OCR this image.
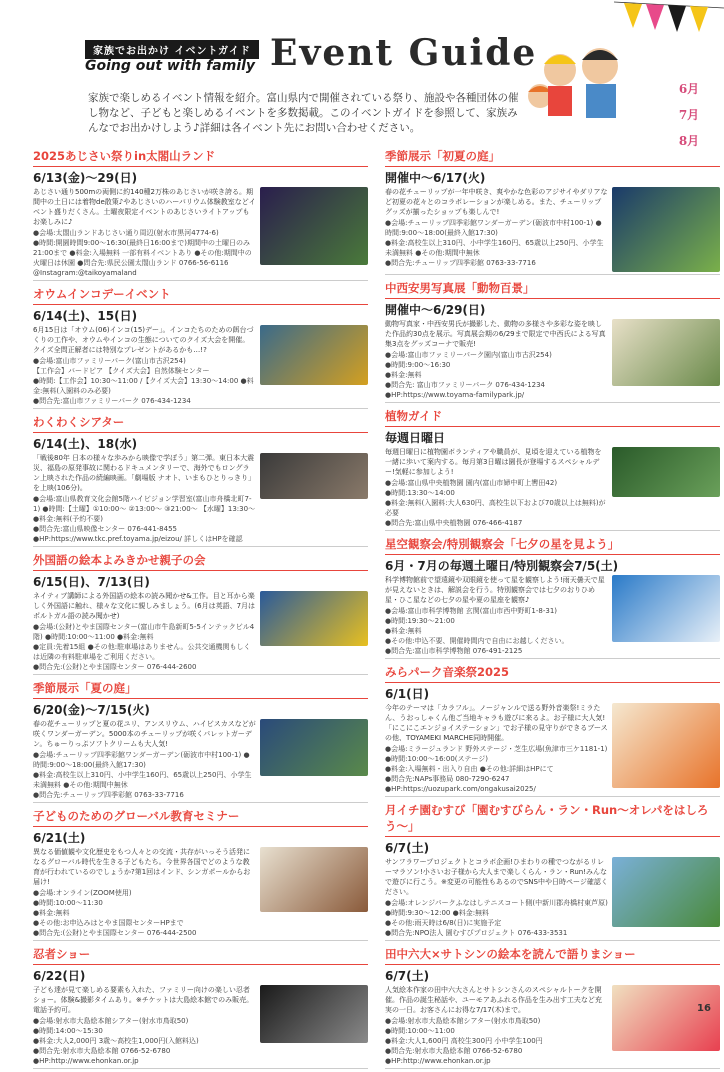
家族でお出かけ イベントガイド
Going out with family Event Guide
6月
7月
8月
家族で楽しめるイベント情報を紹介。富山県内で開催されている祭り、施設や各種団体の催し物など、子どもと楽しめるイベントを多数掲載。このイベントガイドを参照して、家族みんなでお出かけしよう♪詳細は各イベント先にお問い合わせください。
2025あじさい祭りin太閤山ランド
6/13(金)〜29(日)
あじさい通り500mの両側に約140種2万株のあじさいが咲き誇る。期間中の土日には着物de散策♪やあじさいのハーバリウム体験教室などイベント盛りだくさん。土曜夜限定イベントのあじさいライトアップもお楽しみに♪
●会場:太閤山ランドあじさい通り周辺(射水市黒河4774-6)
●時間:開園時間9:00〜16:30(最終日16:00まで)期間中の土曜日のみ21:00まで ●料金:入場無料 一部有料イベントあり ●その他:期間中の火曜日は休園 ●問合先:県民公園太閤山ランド 0766-56-6116 @Instagram:@taikoyamaland
オウムインコデーイベント
6/14(土)、15(日)
6月15日は「オウム(06)インコ(15)デー」。インコたちのための餌台づくりの工作や、オウムやインコの生態についてのクイズ大会を開催。クイズ全問正解者には特別なプレゼントがあるかも…!?
●会場:富山市ファミリーパーク(富山市古沢254)
【工作会】バードピア 【クイズ大会】自然体験センター
●時間:【工作会】10:30〜11:00 /【クイズ大会】13:30〜14:00 ●料金:無料(入園料のみ必要)
●問合先:富山市ファミリーパーク 076-434-1234
わくわくシアター
6/14(土)、18(水)
「戦後80年 日本の様々な歩みから映像で学ぼう」第二弾。東日本大震災、福島の原発事故に関わるドキュメンタリーで、海外でもロングラン上映された作品の続編映画。「劇場版 ナオト、いまもひとりっきり」を上映(106分)。
●会場:富山県教育文化会館5階ハイビジョン学習室(富山市舟橋北町7-1) ●時間:【土曜】①10:00〜 ②13:00〜 ③21:00〜 【水曜】13:30〜 ●料金:無料(予約不要)
●問合先:富山県映像センター 076-441-8455 ●HP:https://www.tkc.pref.toyama.jp/eizou/ 詳しくはHPを確認
外国語の絵本よみきかせ親子の会
6/15(日)、7/13(日)
ネイティブ講師による外国語の絵本の読み聞かせ&工作。目と耳から楽しく外国語に触れ、様々な文化に親しみましょう。(6月は英語、7月はポルトガル語の読み聞かせ)
●会場:(公財)とやま国際センター(富山市牛島新町5-5インテックビル4階) ●時間:10:00〜11:00 ●料金:無料
●定員:先着15組 ●その他:駐車場はありません。公共交通機関もしくは近隣の有料駐車場をご利用ください。
●問合先:(公財)とやま国際センター 076-444-2600
季節展示「夏の庭」
6/20(金)〜7/15(火)
春の花チューリップと夏の花ユリ、アンスリウム、ハイビスカスなどが咲くワンダーガーデン。5000本のチューリップが咲くパレットガーデン。ちゅーりっぷソフトクリームも大人気!
●会場:チューリップ四季彩館ワンダーガーデン(砺波市中村100-1) ●時間:9:00〜18:00(最終入館17:30)
●料金:高校生以上310円、小中学生160円、65歳以上250円、小学生未満無料 ●その他:期間中無休
●問合先:チューリップ四季彩館 0763-33-7716
子どものためのグローバル教育セミナー
6/21(土)
異なる価値観や文化歴史をもつ人々との交流・共存がいっそう活発になるグローバル時代を生きる子どもたち。今世界各国でどのような教育が行われているのでしょうか?第1回はインド、シンガポールからお届け!
●会場:オンライン(ZOOM使用)
●時間:10:00〜11:30
●料金:無料
●その他:お申込みはとやま国際センターHPまで
●問合先:(公財)とやま国際センター 076-444-2500
忍者ショー
6/22(日)
子ども達が見て楽しめる要素も入れた、ファミリー向けの楽しい忍者ショー。体験&撮影タイムあり。※チケットは大島絵本館でのみ販売。電話予約可。
●会場:射水市大島絵本館シアター(射水市鳥取50)
●時間:14:00〜15:30
●料金:大人2,000円 3歳〜高校生1,000円(入館料込)
●問合先:射水市大島絵本館 0766-52-6780
●HP:http://www.ehonkan.or.jp
季節展示「初夏の庭」
開催中〜6/17(火)
春の花チューリップが一年中咲き、爽やかな色彩のアジサイやダリアなど初夏の花々とのコラボレーションが楽しめる。また、チューリップグッズが揃ったショップも楽しんで!
●会場:チューリップ四季彩館ワンダーガーデン(砺波市中村100-1) ●時間:9:00〜18:00(最終入館17:30)
●料金:高校生以上310円、小中学生160円、65歳以上250円、小学生未満無料 ●その他:期間中無休
●問合先:チューリップ四季彩館 0763-33-7716
中西安男写真展「動物百景」
開催中〜6/29(日)
動物写真家・中西安男氏が撮影した、動物の多様さや多彩な姿を映した作品約30点を展示。写真展会期の6/29まで限定で中西氏による写真集3点をグッズコーナで販売!
●会場:富山市ファミリーパーク園内(富山市古沢254)
●時間:9:00〜16:30
●料金:無料
●問合先: 富山市ファミリーパーク 076-434-1234
●HP:https://www.toyama-familypark.jp/
植物ガイド
毎週日曜日
毎週日曜日に植物園ボランティアや職員が、見頃を迎えている植物を一緒に歩いて案内する。毎月第3日曜は園長が登場するスペシャルデー!気軽に参加しよう!
●会場:富山県中央植物園 園内(富山市婦中町上轡田42)
●時間:13:30〜14:00
●料金:無料(入園料:大人630円、高校生以下および70歳以上は無料)が必要
●問合先:富山県中央植物園 076-466-4187
星空観察会/特別観察会「七夕の星を見よう」
6月・7月の毎週土曜日/特別観察会7/5(土)
科学博物館前で望遠鏡や双眼鏡を使って星を観察しよう!雨天曇天で星が見えないときは、解説会を行う。特別観察会では七夕のおりひめ星・ひこ星などの七夕の星や夏の星座を観察♪
●会場:富山市科学博物館 玄関(富山市西中野町1-8-31)
●時間:19:30〜21:00
●料金:無料
●その他:申込不要、開催時間内で自由にお越しください。
●問合先:富山市科学博物館 076-491-2125
みらパーク音楽祭2025
6/1(日)
今年のテーマは「カラフル」。ノージャンルで送る野外音楽祭!ミラたん、うおっしゃくん他ご当地キャラも遊びに来るよ。お子様に大人気!「にこにこエンジョイステーション」でお子様の見守りができるブースの他、TOYAMEKI MARCHE同時開催。
●会場:ミラージュランド 野外ステージ・芝生広場(魚津市三ケ1181-1) ●時間:10:00〜16:00(ステージ)
●料金:入場無料・出入り自由 ●その他:詳細はHPにて
●問合先:NAPs事務局 080-7290-6247
●HP:https://uozupark.com/ongakusai2025/
月イチ園むすび「園むすびらん・ラン・Run〜オレパをはしろう〜」
6/7(土)
サンフラワープロジェクトとコラボ企画!ひまわりの種でつながるリレーマラソン!小さいお子様から大人まで楽しくらん・ラン・Run!みんなで遊びに行こう。※変更の可能性もあるのでSNS中や日時ページ確認ください。
●会場:オレンジパークふなはしテニスコート側(中新川郡舟橋村東芦原)
●時間:9:30〜12:00 ●料金:無料
●その他:雨天時は6/8(日)に実施予定
●問合先:NPO法人 園むすびプロジェクト 076-433-3531
田中六大×サトシンの絵本を読んで語りまショー
6/7(土)
人気絵本作家の田中六大さんとサトシンさんのスペシャルトークを開催。作品の誕生秘話や、ユーモアあふれる作品を生み出す工夫など充実の一日。お客さんにお得な7/17(木)まで。
●会場:射水市大島絵本館シアター(射水市鳥取50)
●時間:10:00〜11:00
●料金:大人1,600円 高校生300円 小中学生100円
●問合先:射水市大島絵本館 0766-52-6780
●HP:http://www.ehonkan.or.jp
16
